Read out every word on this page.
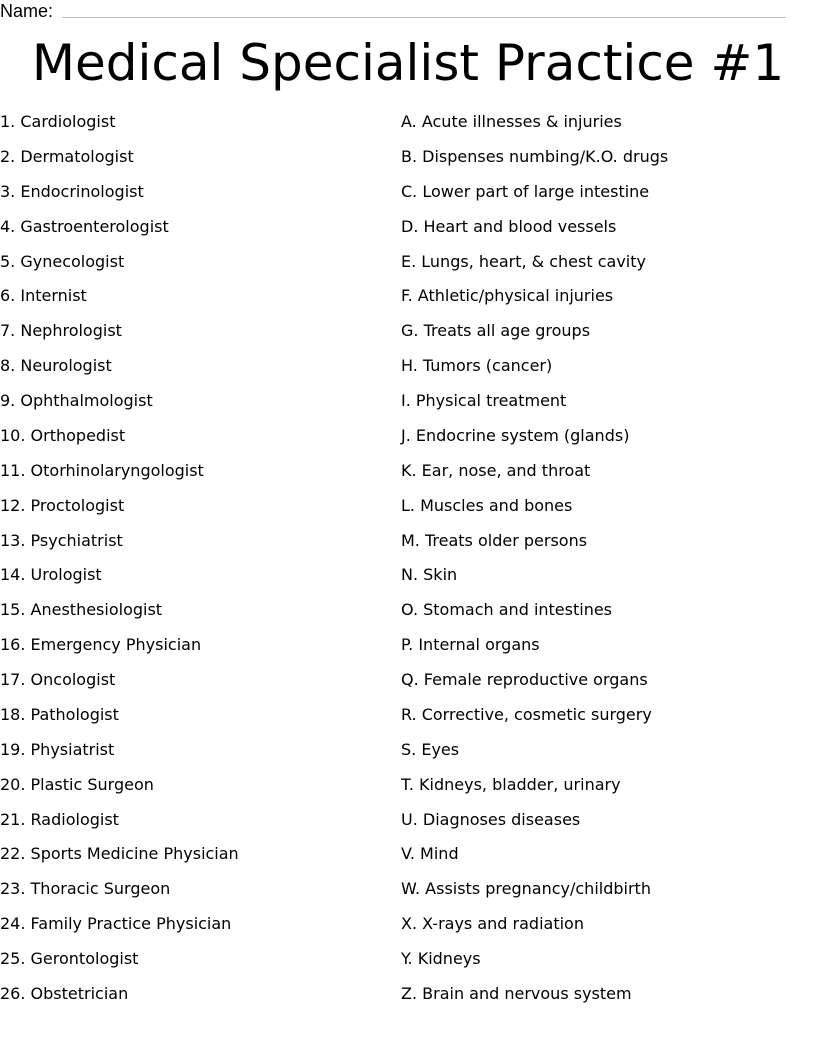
Name:
Medical Specialist Practice #1
1. Cardiologist
2. Dermatologist
3. Endocrinologist
4. Gastroenterologist
5. Gynecologist
6. Internist
7. Nephrologist
8. Neurologist
9. Ophthalmologist
10. Orthopedist
11. Otorhinolaryngologist
12. Proctologist
13. Psychiatrist
14. Urologist
15. Anesthesiologist
16. Emergency Physician
17. Oncologist
18. Pathologist
19. Physiatrist
20. Plastic Surgeon
21. Radiologist
22. Sports Medicine Physician
23. Thoracic Surgeon
24. Family Practice Physician
25. Gerontologist
26. Obstetrician
A. Acute illnesses & injuries
B. Dispenses numbing/K.O. drugs
C. Lower part of large intestine
D. Heart and blood vessels
E. Lungs, heart, & chest cavity
F. Athletic/physical injuries
G. Treats all age groups
H. Tumors (cancer)
I. Physical treatment
J. Endocrine system (glands)
K. Ear, nose, and throat
L. Muscles and bones
M. Treats older persons
N. Skin
O. Stomach and intestines
P. Internal organs
Q. Female reproductive organs
R. Corrective, cosmetic surgery
S. Eyes
T. Kidneys, bladder, urinary
U. Diagnoses diseases
V. Mind
W. Assists pregnancy/childbirth
X. X-rays and radiation
Y. Kidneys
Z. Brain and nervous system
